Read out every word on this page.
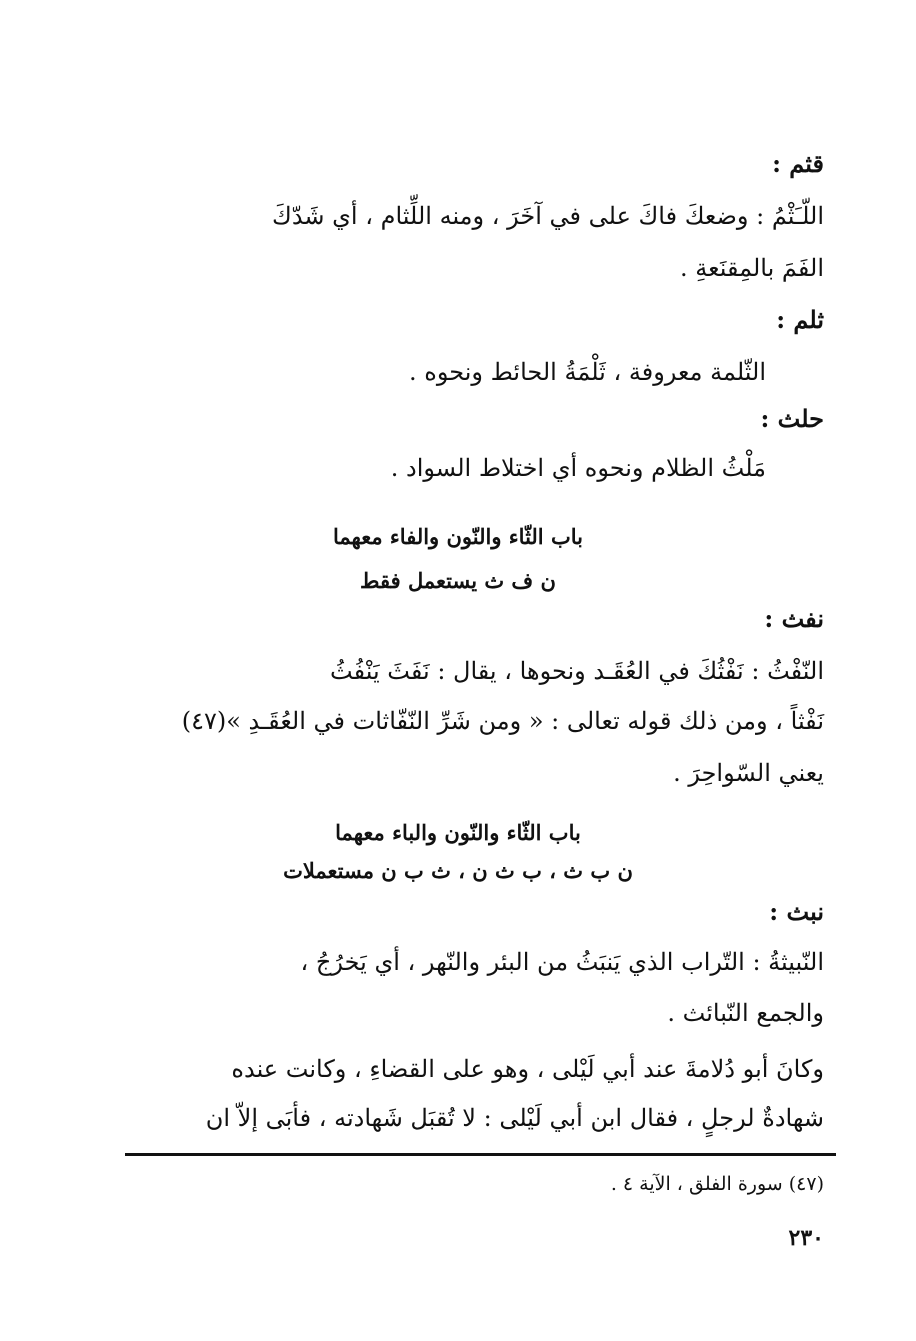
قثم :

اللّـَثْمُ : وضعكَ فاكَ على في آخَرَ ، ومنه اللِّثام ، أي شَدّكَ

الفَمَ بالمِقنَعةِ .

ثلم :

الثّلمة معروفة ، ثَلْمَةُ الحائط ونحوه .

حلث :

مَلْثُ الظلام ونحوه أي اختلاط السواد .

باب الثّاء والنّون والفاء معهما

ن ف ث يستعمل فقط

نفث :

النّفْثُ : نَفْثُكَ في العُقَـد ونحوها ، يقال : نَفَثَ يَنْفُثُ

نَفْثاً ، ومن ذلك قوله تعالى : « ومن شَرِّ النّفّاثات في العُقَـدِ »(٤٧)

يعني السّواحِرَ .

باب الثّاء والنّون والباء معهما

ن ب ث ، ب ث ن ، ث ب ن مستعملات

نبث :

النّبيثةُ : التّراب الذي يَنبَثُ من البئر والنّهر ، أي يَخرُجُ ،

والجمع النّبائث .

وكانَ أبو دُلامةَ عند أبي لَيْلى ، وهو على القضاءِ ، وكانت عنده

شهادةٌ لرجلٍ ، فقال ابن أبي لَيْلى : لا تُقبَل شَهادته ، فأبَى إلاّ ان

(٤٧) سورة الفلق ، الآية ٤ .

٢٣٠
